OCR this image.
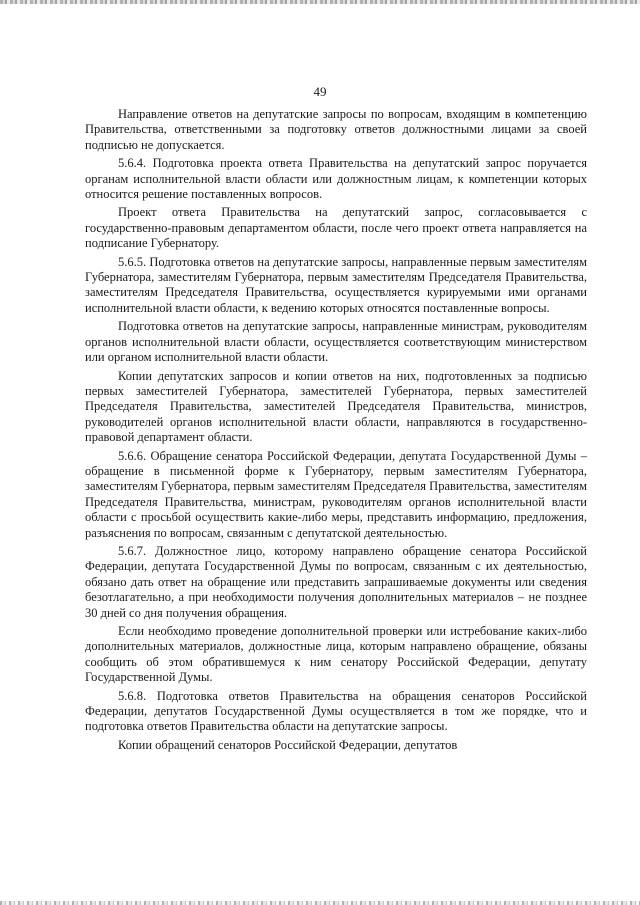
49

Направление ответов на депутатские запросы по вопросам, входящим в компетенцию Правительства, ответственными за подготовку ответов должностными лицами за своей подписью не допускается.

5.6.4. Подготовка проекта ответа Правительства на депутатский запрос поручается органам исполнительной власти области или должностным лицам, к компетенции которых относится решение поставленных вопросов.

Проект ответа Правительства на депутатский запрос, согласовывается с государственно-правовым департаментом области, после чего проект ответа направляется на подписание Губернатору.

5.6.5. Подготовка ответов на депутатские запросы, направленные первым заместителям Губернатора, заместителям Губернатора, первым заместителям Председателя Правительства, заместителям Председателя Правительства, осуществляется курируемыми ими органами исполнительной власти области, к ведению которых относятся поставленные вопросы.

Подготовка ответов на депутатские запросы, направленные министрам, руководителям органов исполнительной власти области, осуществляется соответствующим министерством или органом исполнительной власти области.

Копии депутатских запросов и копии ответов на них, подготовленных за подписью первых заместителей Губернатора, заместителей Губернатора, первых заместителей Председателя Правительства, заместителей Председателя Правительства, министров, руководителей органов исполнительной власти области, направляются в государственно-правовой департамент области.

5.6.6. Обращение сенатора Российской Федерации, депутата Государственной Думы – обращение в письменной форме к Губернатору, первым заместителям Губернатора, заместителям Губернатора, первым заместителям Председателя Правительства, заместителям Председателя Правительства, министрам, руководителям органов исполнительной власти области с просьбой осуществить какие-либо меры, представить информацию, предложения, разъяснения по вопросам, связанным с депутатской деятельностью.

5.6.7. Должностное лицо, которому направлено обращение сенатора Российской Федерации, депутата Государственной Думы по вопросам, связанным с их деятельностью, обязано дать ответ на обращение или представить запрашиваемые документы или сведения безотлагательно, а при необходимости получения дополнительных материалов – не позднее 30 дней со дня получения обращения.

Если необходимо проведение дополнительной проверки или истребование каких-либо дополнительных материалов, должностные лица, которым направлено обращение, обязаны сообщить об этом обратившемуся к ним сенатору Российской Федерации, депутату Государственной Думы.

5.6.8. Подготовка ответов Правительства на обращения сенаторов Российской Федерации, депутатов Государственной Думы осуществляется в том же порядке, что и подготовка ответов Правительства области на депутатские запросы.

Копии обращений сенаторов Российской Федерации, депутатов
